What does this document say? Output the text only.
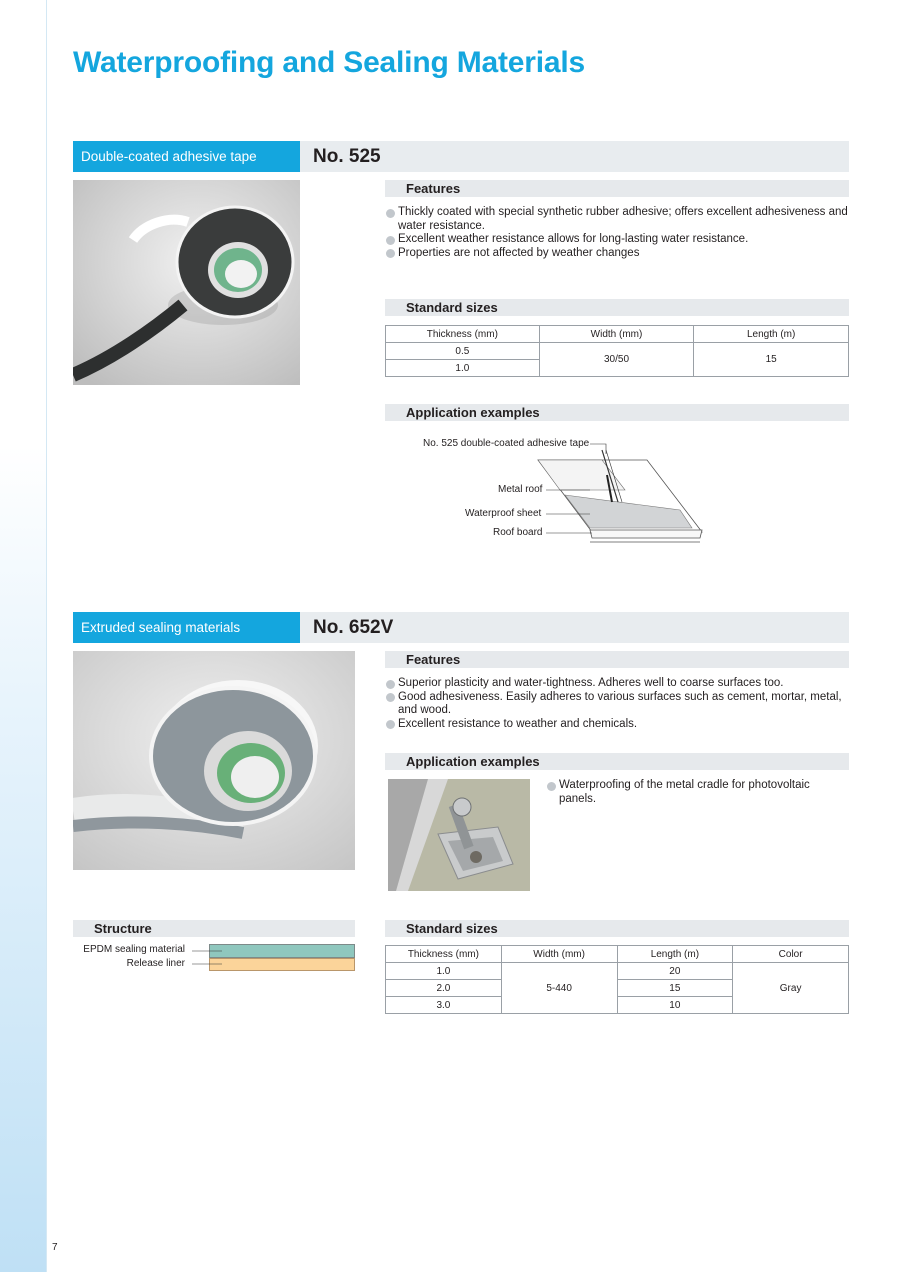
7
Waterproofing and Sealing Materials
Double-coated adhesive tape	No. 525
Features
Thickly coated with special synthetic rubber adhesive; offers excellent adhesiveness and water resistance.
Excellent weather resistance allows for long-lasting water resistance.
Properties are not affected by weather changes
Standard sizes
Thickness (mm)	Width (mm)	Length (m)
0.5	30/50	15
1.0		
Application examples
No. 525 double-coated adhesive tape
Metal roof
Waterproof sheet
Roof board
Extruded sealing materials	No. 652V
Features
Superior plasticity and water-tightness. Adheres well to coarse surfaces too.
Good adhesiveness. Easily adheres to various surfaces such as cement, mortar, metal, and wood.
Excellent resistance to weather and chemicals.
Application examples
Waterproofing of the metal cradle for photovoltaic panels.
Structure
EPDM sealing material
Release liner
Standard sizes
Thickness (mm)	Width (mm)	Length (m)	Color
1.0	5-440	20	Gray
2.0		15	
3.0		10	
